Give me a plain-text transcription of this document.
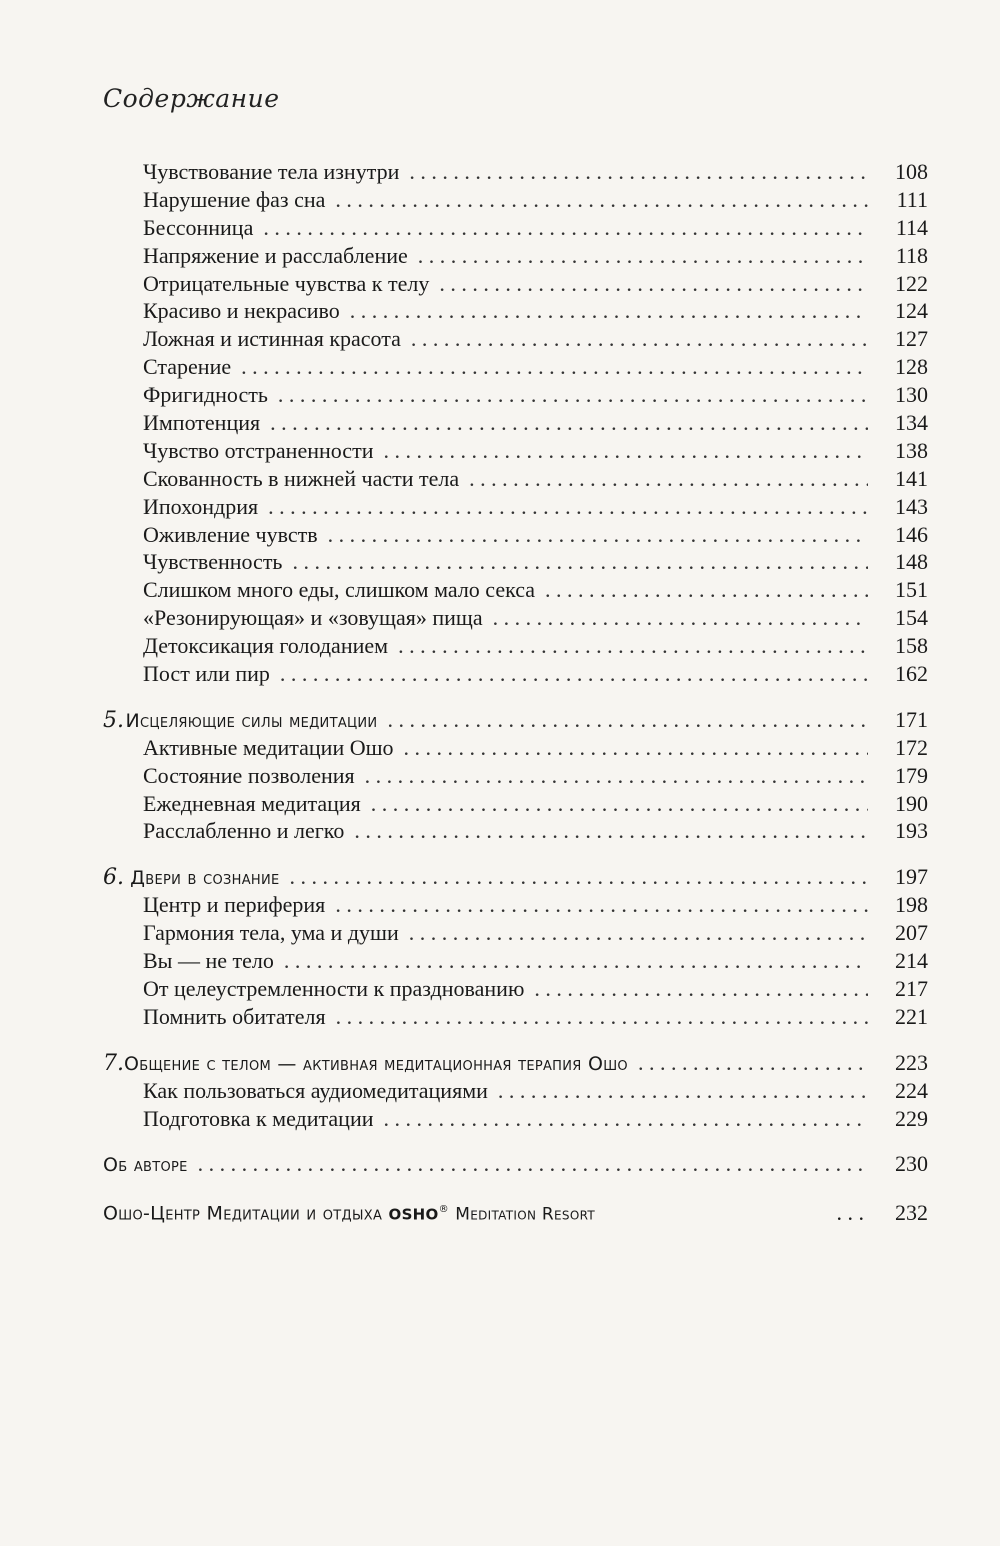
Содержание
Чувствование тела изнутри . . .	108
Нарушение фаз сна . . .	111
Бессонница . . .	114
Напряжение и расслабление . . .	118
Отрицательные чувства к телу . . .	122
Красиво и некрасиво . . .	124
Ложная и истинная красота . . .	127
Старение . . .	128
Фригидность . . .	130
Импотенция . . .	134
Чувство отстраненности . . .	138
Скованность в нижней части тела . . .	141
Ипохондрия . . .	143
Оживление чувств . . .	146
Чувственность . . .	148
Слишком много еды, слишком мало секса . . .	151
«Резонирующая» и «зовущая» пища . . .	154
Детоксикация голоданием . . .	158
Пост или пир . . .	162
5. Исцеляющие силы медитации . . .	171
Активные медитации Ошо . . .	172
Состояние позволения . . .	179
Ежедневная медитация . . .	190
Расслабленно и легко . . .	193
6. Двери в сознание . . .	197
Центр и периферия . . .	198
Гармония тела, ума и души . . .	207
Вы — не тело . . .	214
От целеустремленности к празднованию . . .	217
Помнить обитателя . . .	221
7. Общение с телом — активная медитационная терапия Ошо . . .	223
Как пользоваться аудиомедитациями . . .	224
Подготовка к медитации . . .	229
Об авторе . . .	230
Ошо-Центр Медитации и отдыха OSHO® Meditation Resort	. . .	232
